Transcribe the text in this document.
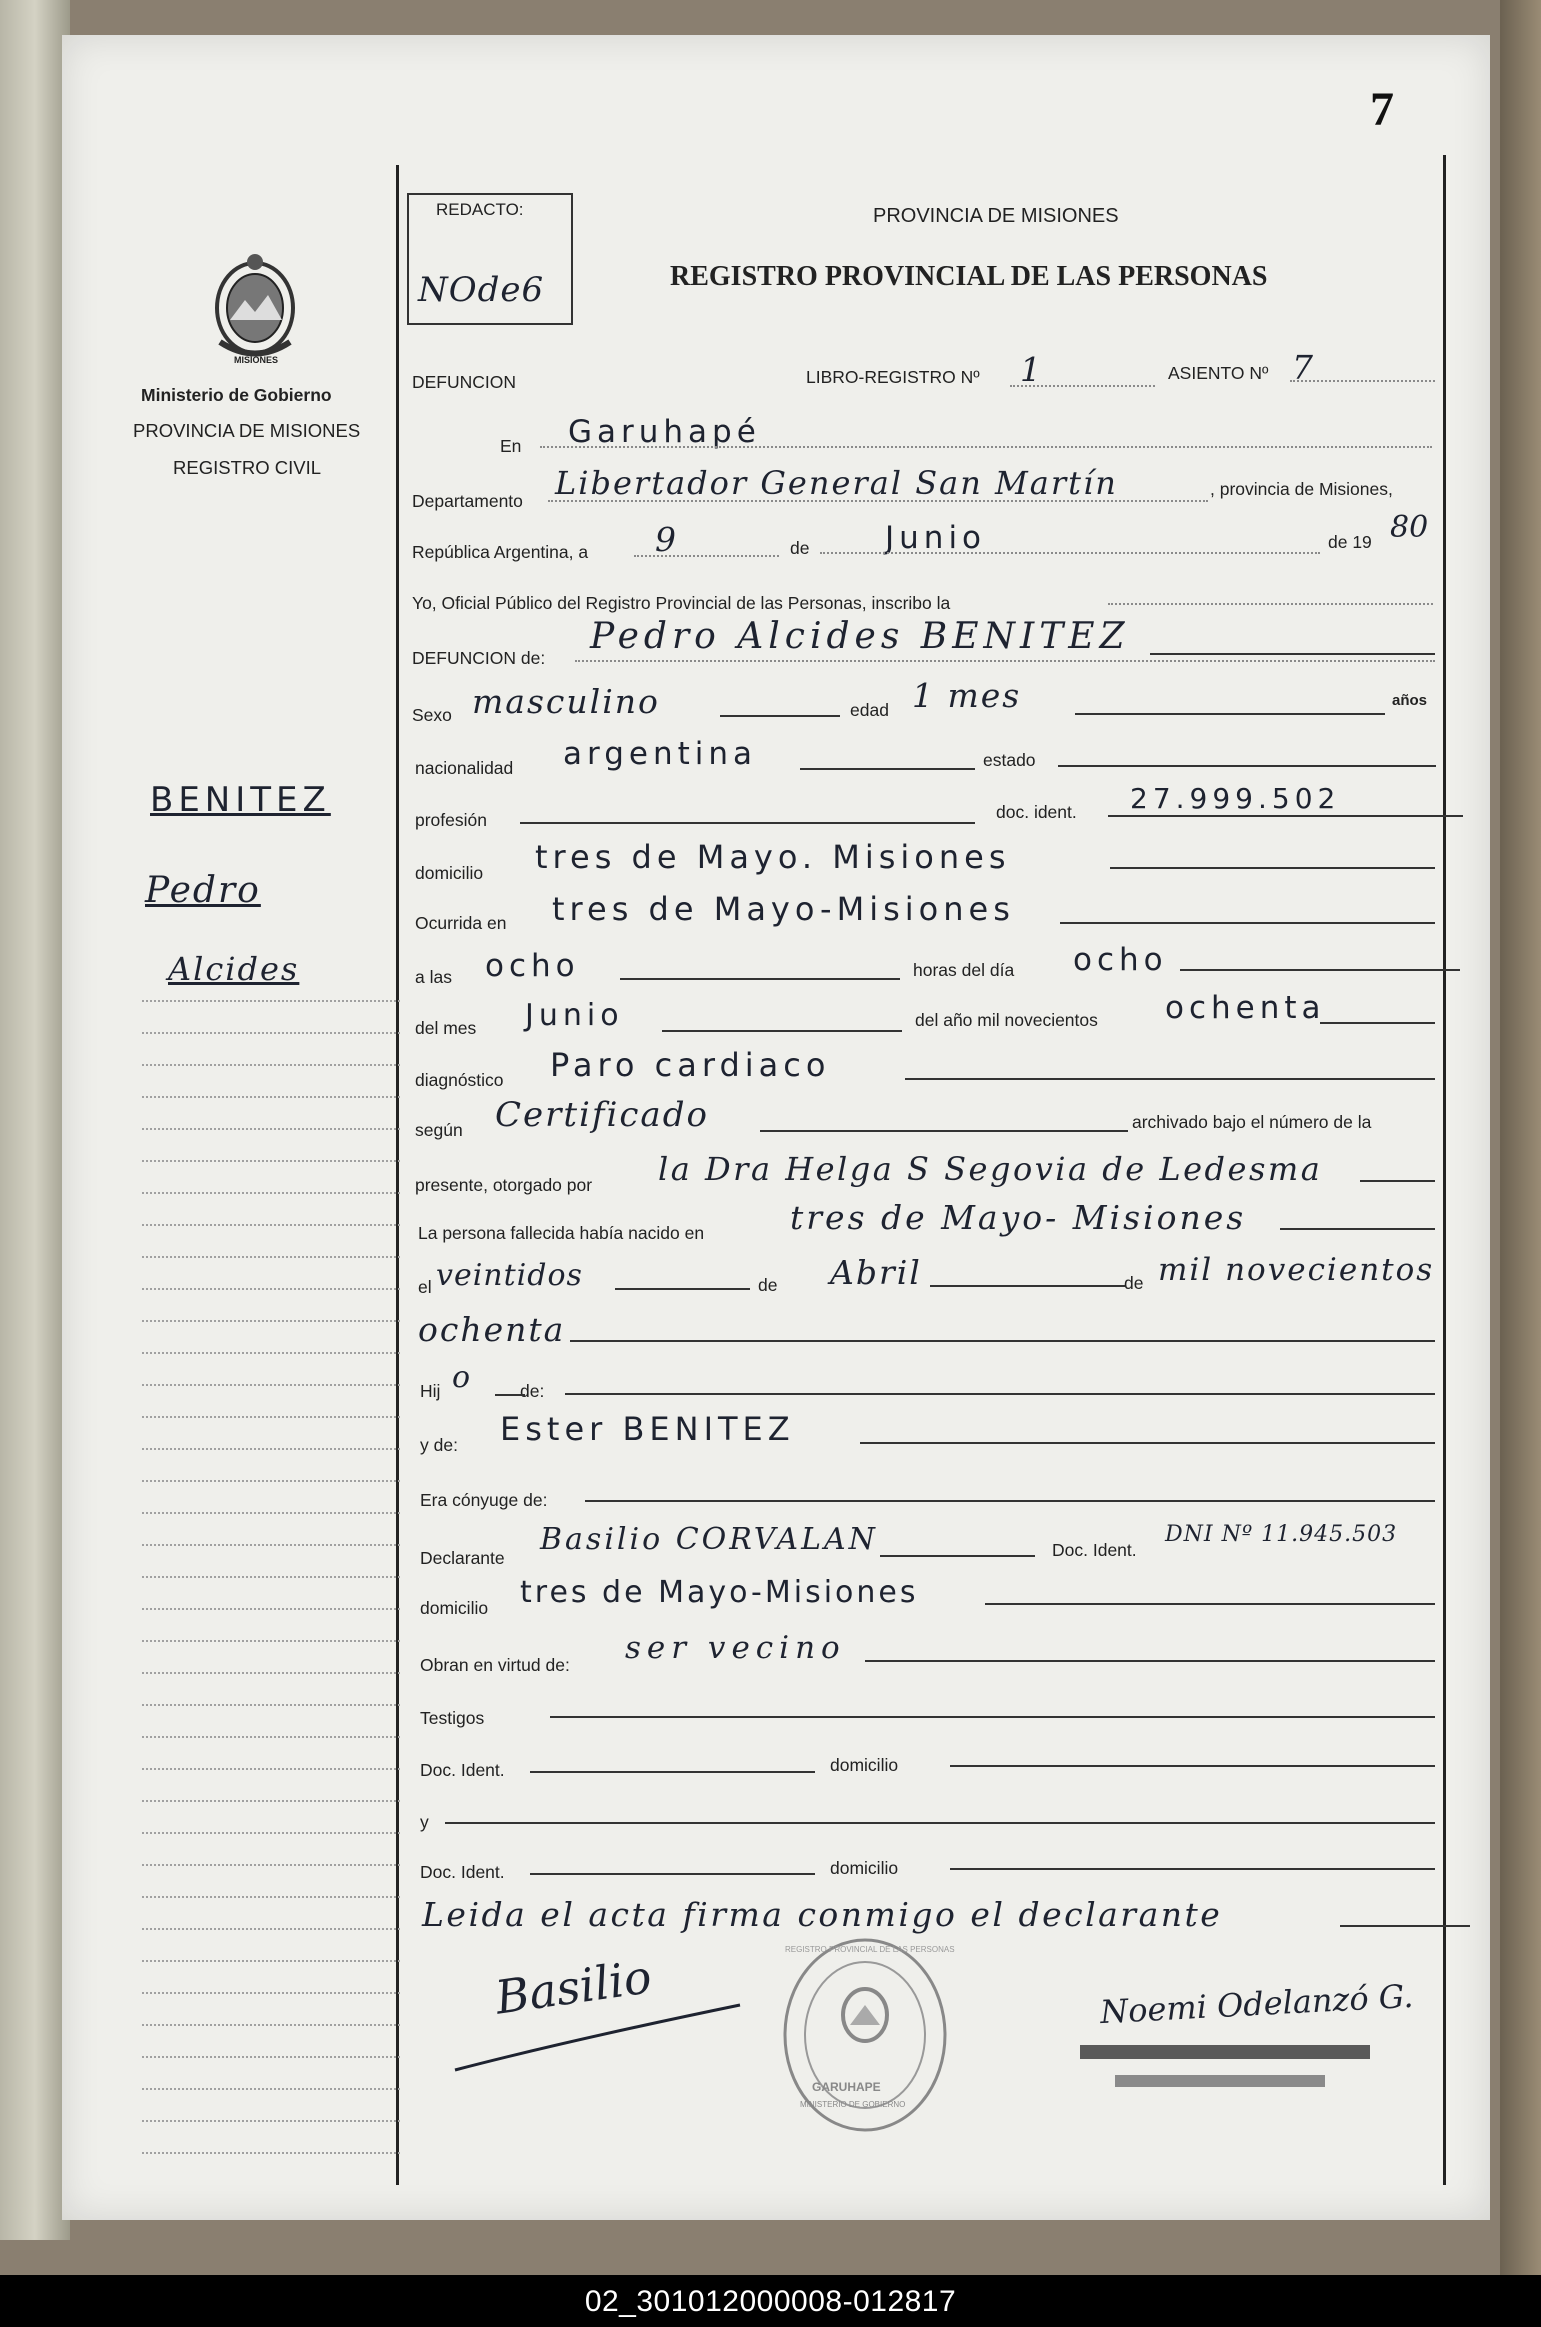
7
MISIONES
Ministerio de Gobierno
PROVINCIA DE MISIONES
REGISTRO CIVIL
REDACTO:
NOde6
PROVINCIA DE MISIONES
REGISTRO PROVINCIAL DE LAS PERSONAS
BENITEZ
Pedro
Alcides
DEFUNCION	LIBRO-REGISTRO Nº 1	ASIENTO Nº 7
En Garuhapé
Departamento Libertador General San Martín	, provincia de Misiones,
República Argentina, a 9	de Junio	de 19 80
Yo, Oficial Público del Registro Provincial de las Personas, inscribo la
DEFUNCION de:
Pedro Alcides BENITEZ
Sexo masculino	edad 1 mes	años
nacionalidad argentina	estado
profesión	doc. ident. 27.999.502
domicilio tres de Mayo. Misiones
Ocurrida en tres de Mayo-Misiones
a las ocho	horas del día ocho
del mes Junio	del año mil novecientos ochenta
diagnóstico Paro cardiaco
según Certificado	archivado bajo el número de la
presente, otorgado por la Dra Helga S Segovia de Ledesma
La persona fallecida había nacido en	tres de Mayo- Misiones
el veintidos	de Abril	de mil novecientos
ochenta
Hij o	de:
y de: Ester BENITEZ
Era cónyuge de:
Declarante
Basilio CORVALAN	Doc. Ident.
DNI Nº 11.945.503
domicilio tres de Mayo-Misiones
Obran en virtud de: ser vecino
Testigos
Doc. Ident.	domicilio
y
Doc. Ident.	domicilio
Leida el acta firma conmigo el declarante
Basilio	Noemi Odelanzó G.
GARUHAPE
MINISTERIO DE GOBIERNO
REGISTRO PROVINCIAL DE LAS PERSONAS
02_301012000008-012817
